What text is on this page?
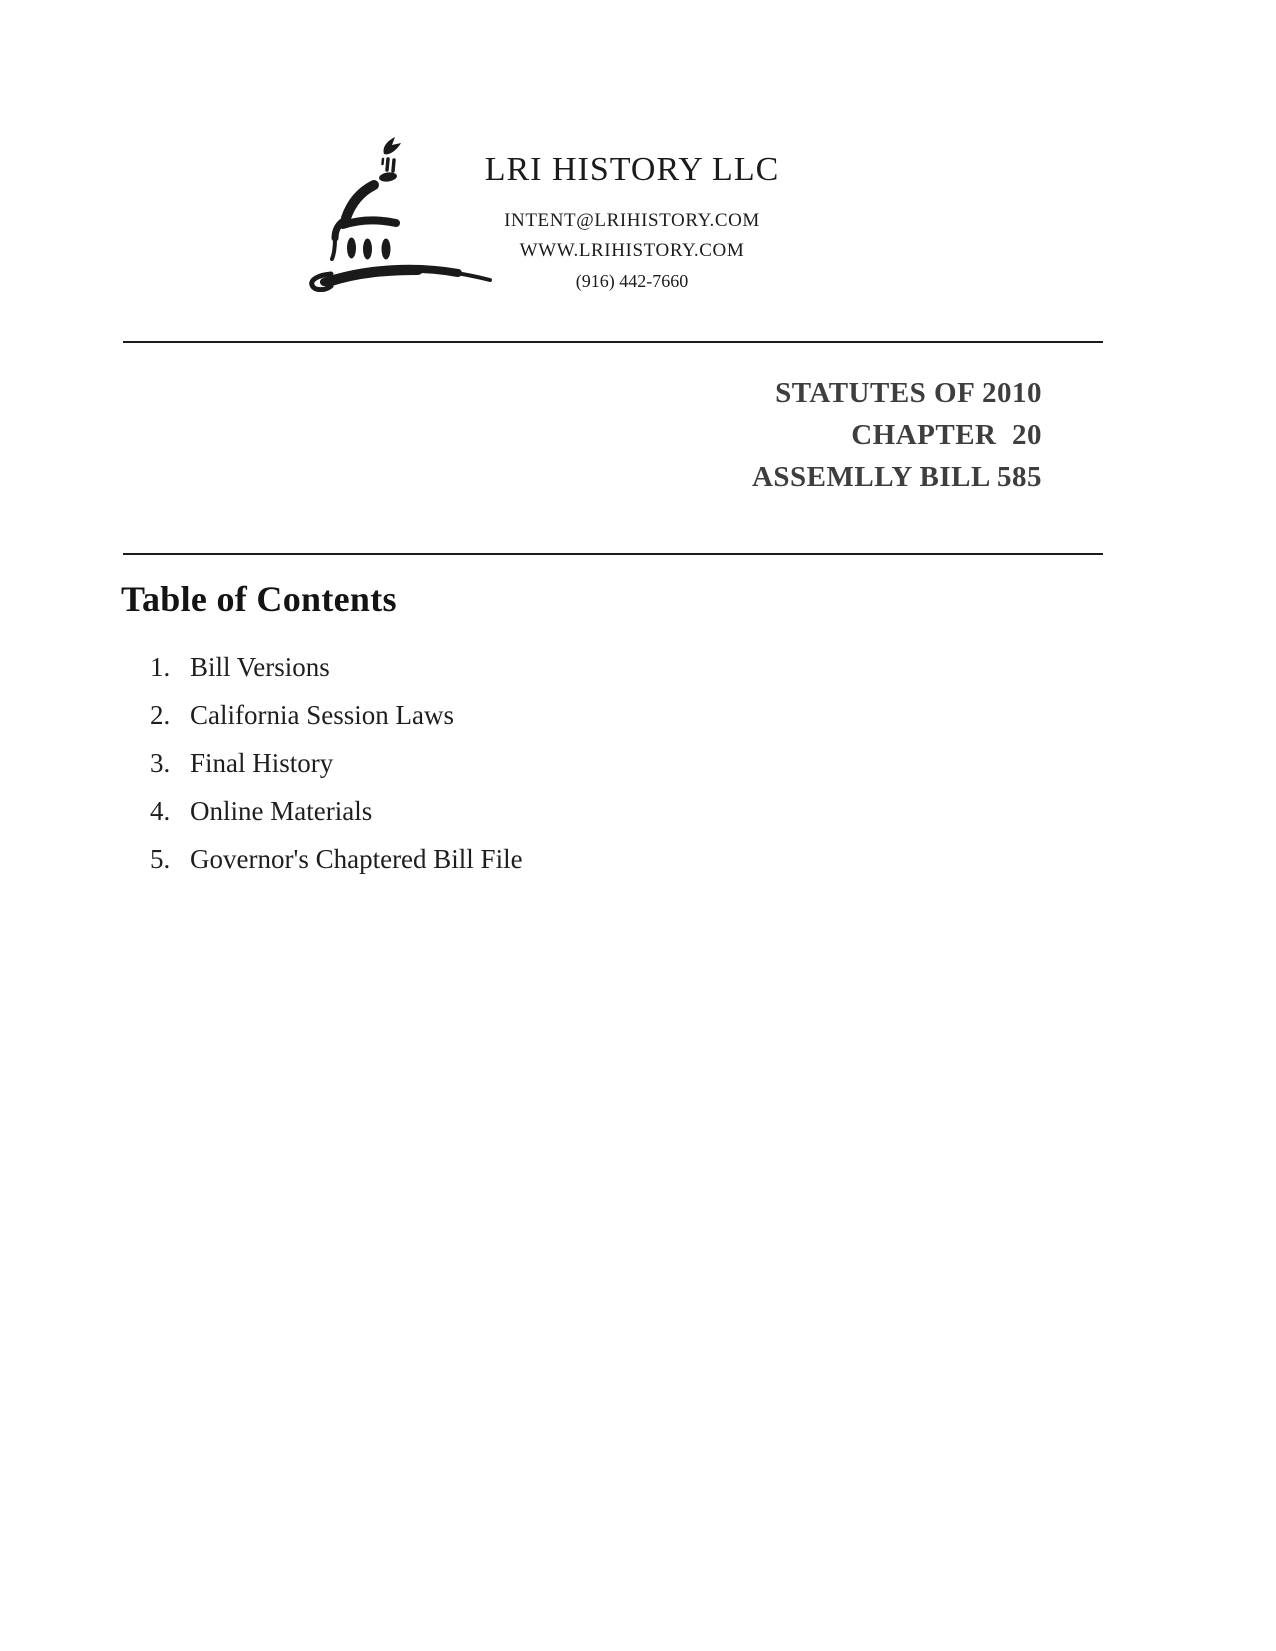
LRI HISTORY LLC
INTENT@LRIHISTORY.COM
WWW.LRIHISTORY.COM
(916) 442-7660
STATUTES OF 2010
CHAPTER  20
ASSEMLLY BILL 585
Table of Contents
1. Bill Versions
2. California Session Laws
3. Final History
4. Online Materials
5. Governor's Chaptered Bill File
